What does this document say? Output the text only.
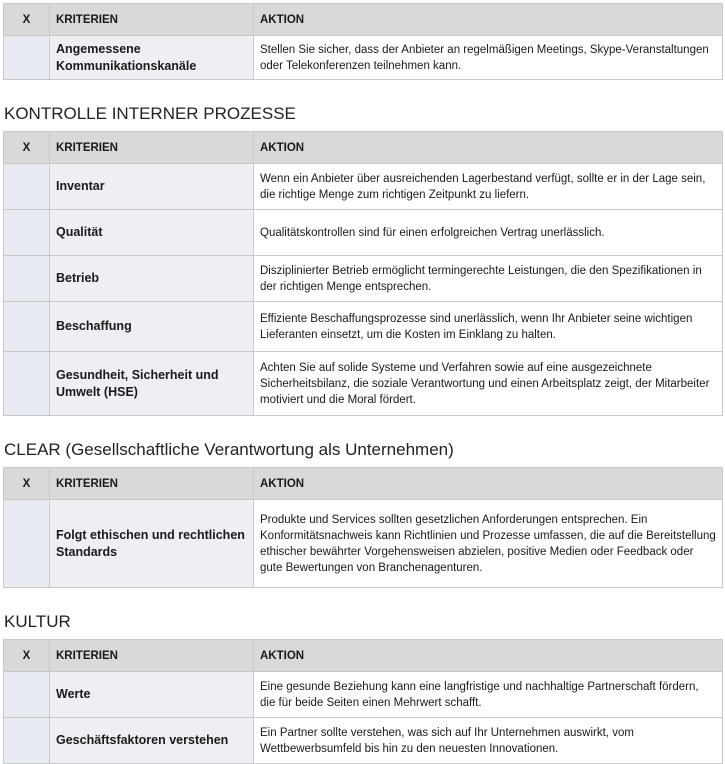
X	KRITERIEN	AKTION
	Angemessene Kommunikationskanäle	Stellen Sie sicher, dass der Anbieter an regelmäßigen Meetings, Skype-Veranstaltungen oder Telekonferenzen teilnehmen kann.
KONTROLLE INTERNER PROZESSE
X	KRITERIEN	AKTION
	Inventar	Wenn ein Anbieter über ausreichenden Lagerbestand verfügt, sollte er in der Lage sein, die richtige Menge zum richtigen Zeitpunkt zu liefern.
	Qualität	Qualitätskontrollen sind für einen erfolgreichen Vertrag unerlässlich.
	Betrieb	Disziplinierter Betrieb ermöglicht termingerechte Leistungen, die den Spezifikationen in der richtigen Menge entsprechen.
	Beschaffung	Effiziente Beschaffungsprozesse sind unerlässlich, wenn Ihr Anbieter seine wichtigen Lieferanten einsetzt, um die Kosten im Einklang zu halten.
	Gesundheit, Sicherheit und Umwelt (HSE)	Achten Sie auf solide Systeme und Verfahren sowie auf eine ausgezeichnete Sicherheitsbilanz, die soziale Verantwortung und einen Arbeitsplatz zeigt, der Mitarbeiter motiviert und die Moral fördert.
CLEAR (Gesellschaftliche Verantwortung als Unternehmen)
X	KRITERIEN	AKTION
	Folgt ethischen und rechtlichen Standards	Produkte und Services sollten gesetzlichen Anforderungen entsprechen. Ein Konformitätsnachweis kann Richtlinien und Prozesse umfassen, die auf die Bereitstellung ethischer bewährter Vorgehensweisen abzielen, positive Medien oder Feedback oder gute Bewertungen von Branchenagenturen.
KULTUR
X	KRITERIEN	AKTION
	Werte	Eine gesunde Beziehung kann eine langfristige und nachhaltige Partnerschaft fördern, die für beide Seiten einen Mehrwert schafft.
	Geschäftsfaktoren verstehen	Ein Partner sollte verstehen, was sich auf Ihr Unternehmen auswirkt, vom Wettbewerbsumfeld bis hin zu den neuesten Innovationen.
